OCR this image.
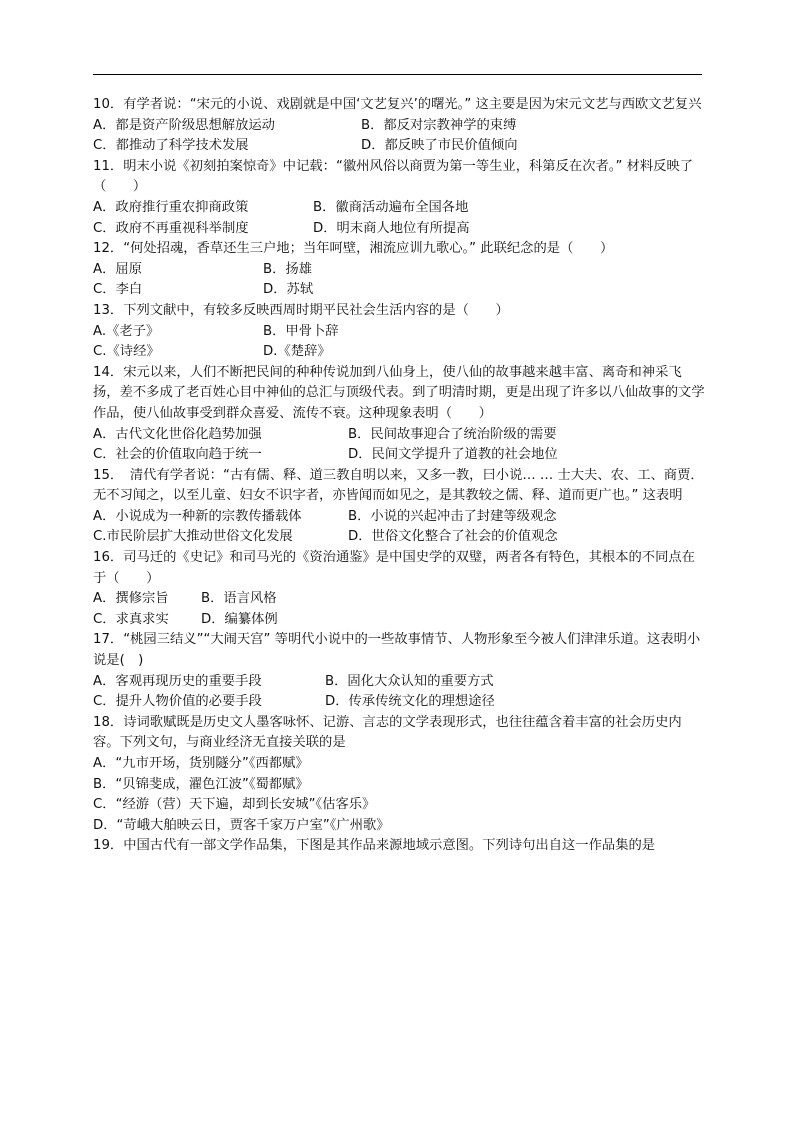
10．有学者说：“宋元的小说、戏剧就是中国‘文艺复兴’的曙光。” 这主要是因为宋元文艺与西欧文艺复兴

A．都是资产阶级思想解放运动	B．都反对宗教神学的束缚
C．都推动了科学技术发展	D．都反映了市民价值倾向

11．明末小说《初刻拍案惊奇》中记载：“徽州风俗以商贾为第一等生业，科第反在次者。” 材料反映了（　　）

A．政府推行重农抑商政策	B．徽商活动遍布全国各地
C．政府不再重视科举制度	D．明末商人地位有所提高

12．“何处招魂，香草还生三户地；当年呵壁，湘流应训九歌心。” 此联纪念的是（　　）

A．屈原	B．扬雄
C．李白	D．苏轼

13．下列文献中，有较多反映西周时期平民社会生活内容的是（　　）

A.《老子》	B．甲骨卜辞
C.《诗经》	D.《楚辞》

14．宋元以来，人们不断把民间的种种传说加到八仙身上，使八仙的故事越来越丰富、离奇和神采飞扬，差不多成了老百姓心目中神仙的总汇与顶级代表。到了明清时期，更是出现了许多以八仙故事的文学作品，使八仙故事受到群众喜爱、流传不衰。这种现象表明（　　）

A．古代文化世俗化趋势加强	B．民间故事迎合了统治阶级的需要
C．社会的价值取向趋于统一	D．民间文学提升了道教的社会地位

15．　清代有学者说：“古有儒、释、道三教自明以来，又多一教，曰小说… … 士大夫、农、工、商贾．无不习闻之，以至儿童、妇女不识字者，亦皆闻而如见之，是其教较之儒、释、道而更广也。” 这表明

A．小说成为一种新的宗教传播载体	B．小说的兴起冲击了封建等级观念
C.市民阶层扩大推动世俗文化发展	D．世俗文化整合了社会的价值观念

16．司马迁的《史记》和司马光的《资治通鉴》是中国史学的双璧，两者各有特色，其根本的不同点在于（　　）

A．撰修宗旨 B．语言风格
C．求真求实 D．编纂体例

17．“桃园三结义”“大闹天宫” 等明代小说中的一些故事情节、人物形象至今被人们津津乐道。这表明小说是(　)

A．客观再现历史的重要手段	B．固化大众认知的重要方式
C．提升人物价值的必要手段	D．传承传统文化的理想途径

18．诗词歌赋既是历史文人墨客咏怀、记游、言志的文学表现形式，也往往蕴含着丰富的社会历史内容。下列文句，与商业经济无直接关联的是

A．“九市开场，货别隧分”《西都赋》
B．“贝锦斐成，濯色江波”《蜀都赋》
C．“经游（营）天下遍，却到长安城”《估客乐》
D．“苛峨大舶映云日，贾客千家万户室”《广州歌》

19．中国古代有一部文学作品集，下图是其作品来源地域示意图。下列诗句出自这一作品集的是
